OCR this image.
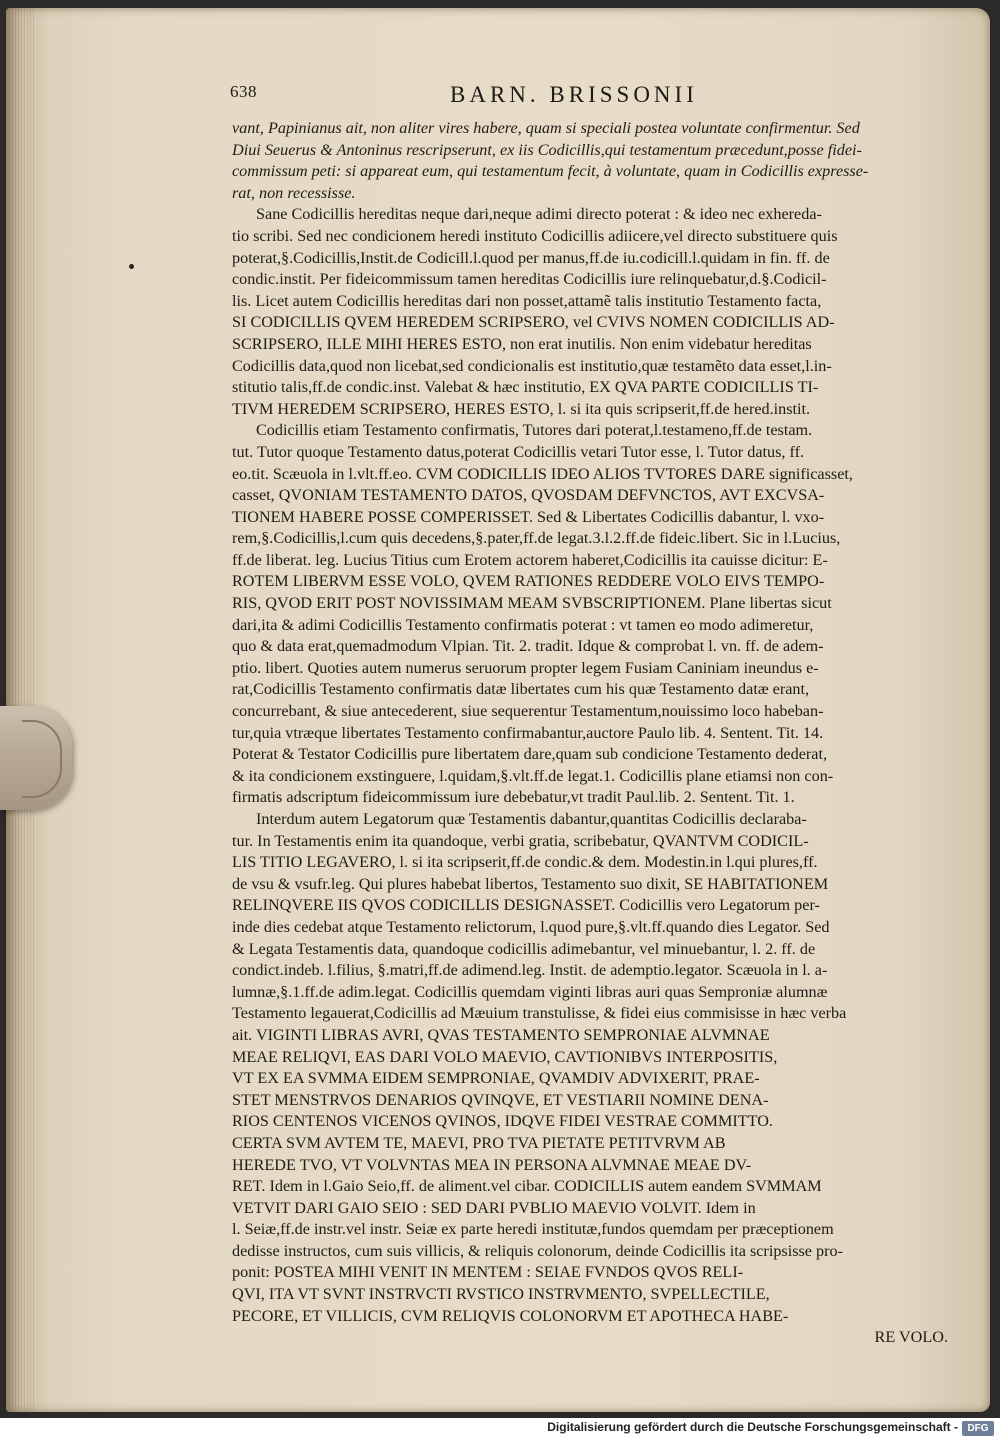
638	BARN. BRISSONII
vant, Papinianus ait, non aliter vires habere, quam si speciali postea voluntate confirmentur. Sed
Diui Seuerus & Antoninus rescripserunt, ex iis Codicillis,qui testamentum præcedunt,posse fidei-
commissum peti: si appareat eum, qui testamentum fecit, à voluntate, quam in Codicillis expresse-
rat, non recessisse.
Sane Codicillis hereditas neque dari,neque adimi directo poterat : & ideo nec exhereda-
tio scribi. Sed nec condicionem heredi instituto Codicillis adiicere,vel directo substituere quis
poterat,§.Codicillis,Instit.de Codicill.l.quod per manus,ff.de iu.codicill.l.quidam in fin. ff. de
condic.instit. Per fideicommissum tamen hereditas Codicillis iure relinquebatur,d.§.Codicil-
lis. Licet autem Codicillis hereditas dari non posset,attamẽ talis institutio Testamento facta,
SI CODICILLIS QVEM HEREDEM SCRIPSERO, vel CVIVS NOMEN CODICILLIS AD-
SCRIPSERO, ILLE MIHI HERES ESTO, non erat inutilis. Non enim videbatur hereditas
Codicillis data,quod non licebat,sed condicionalis est institutio,quæ testamẽto data esset,l.in-
stitutio talis,ff.de condic.inst. Valebat & hæc institutio, EX QVA PARTE CODICILLIS TI-
TIVM HEREDEM SCRIPSERO, HERES ESTO, l. si ita quis scripserit,ff.de hered.instit.
Codicillis etiam Testamento confirmatis, Tutores dari poterat,l.testameno,ff.de testam.
tut. Tutor quoque Testamento datus,poterat Codicillis vetari Tutor esse, l. Tutor datus, ff.
eo.tit. Scæuola in l.vlt.ff.eo. CVM CODICILLIS IDEO ALIOS TVTORES DARE significasset,
casset, QVONIAM TESTAMENTO DATOS, QVOSDAM DEFVNCTOS, AVT EXCVSA-
TIONEM HABERE POSSE COMPERISSET. Sed & Libertates Codicillis dabantur, l. vxo-
rem,§.Codicillis,l.cum quis decedens,§.pater,ff.de legat.3.l.2.ff.de fideic.libert. Sic in l.Lucius,
ff.de liberat. leg. Lucius Titius cum Erotem actorem haberet,Codicillis ita cauisse dicitur: E-
ROTEM LIBERVM ESSE VOLO, QVEM RATIONES REDDERE VOLO EIVS TEMPO-
RIS, QVOD ERIT POST NOVISSIMAM MEAM SVBSCRIPTIONEM. Plane libertas sicut
dari,ita & adimi Codicillis Testamento confirmatis poterat : vt tamen eo modo adimeretur,
quo & data erat,quemadmodum Vlpian. Tit. 2. tradit. Idque & comprobat l. vn. ff. de adem-
ptio. libert. Quoties autem numerus seruorum propter legem Fusiam Caniniam ineundus e-
rat,Codicillis Testamento confirmatis datæ libertates cum his quæ Testamento datæ erant,
concurrebant, & siue antecederent, siue sequerentur Testamentum,nouissimo loco habeban-
tur,quia vtræque libertates Testamento confirmabantur,auctore Paulo lib. 4. Sentent. Tit. 14.
Poterat & Testator Codicillis pure libertatem dare,quam sub condicione Testamento dederat,
& ita condicionem exstinguere, l.quidam,§.vlt.ff.de legat.1. Codicillis plane etiamsi non con-
firmatis adscriptum fideicommissum iure debebatur,vt tradit Paul.lib. 2. Sentent. Tit. 1.
Interdum autem Legatorum quæ Testamentis dabantur,quantitas Codicillis declaraba-
tur. In Testamentis enim ita quandoque, verbi gratia, scribebatur, QVANTVM CODICIL-
LIS TITIO LEGAVERO, l. si ita scripserit,ff.de condic.& dem. Modestin.in l.qui plures,ff.
de vsu & vsufr.leg. Qui plures habebat libertos, Testamento suo dixit, SE HABITATIONEM
RELINQVERE IIS QVOS CODICILLIS DESIGNASSET. Codicillis vero Legatorum per-
inde dies cedebat atque Testamento relictorum, l.quod pure,§.vlt.ff.quando dies Legator. Sed
& Legata Testamentis data, quandoque codicillis adimebantur, vel minuebantur, l. 2. ff. de
condict.indeb. l.filius, §.matri,ff.de adimend.leg. Instit. de ademptio.legator. Scæuola in l. a-
lumnæ,§.1.ff.de adim.legat. Codicillis quemdam viginti libras auri quas Semproniæ alumnæ
Testamento legauerat,Codicillis ad Mæuium transtulisse, & fidei eius commisisse in hæc verba
ait. VIGINTI LIBRAS AVRI, QVAS TESTAMENTO SEMPRONIAE ALVMNAE
MEAE RELIQVI, EAS DARI VOLO MAEVIO, CAVTIONIBVS INTERPOSITIS,
VT EX EA SVMMA EIDEM SEMPRONIAE, QVAMDIV ADVIXERIT, PRAE-
STET MENSTRVOS DENARIOS QVINQVE, ET VESTIARII NOMINE DENA-
RIOS CENTENOS VICENOS QVINOS, IDQVE FIDEI VESTRAE COMMITTO.
CERTA SVM AVTEM TE, MAEVI, PRO TVA PIETATE PETITVRVM AB
HEREDE TVO, VT VOLVNTAS MEA IN PERSONA ALVMNAE MEAE DV-
RET. Idem in l.Gaio Seio,ff. de aliment.vel cibar. CODICILLIS autem eandem SVMMAM
VETVIT DARI GAIO SEIO : SED DARI PVBLIO MAEVIO VOLVIT. Idem in
l. Seiæ,ff.de instr.vel instr. Seiæ ex parte heredi institutæ,fundos quemdam per præceptionem
dedisse instructos, cum suis villicis, & reliquis colonorum, deinde Codicillis ita scripsisse pro-
ponit: POSTEA MIHI VENIT IN MENTEM : SEIAE FVNDOS QVOS RELI-
QVI, ITA VT SVNT INSTRVCTI RVSTICO INSTRVMENTO, SVPELLECTILE,
PECORE, ET VILLICIS, CVM RELIQVIS COLONORVM ET APOTHECA HABE-
RE VOLO.
Digitalisierung gefördert durch die Deutsche Forschungsgemeinschaft - DFG
